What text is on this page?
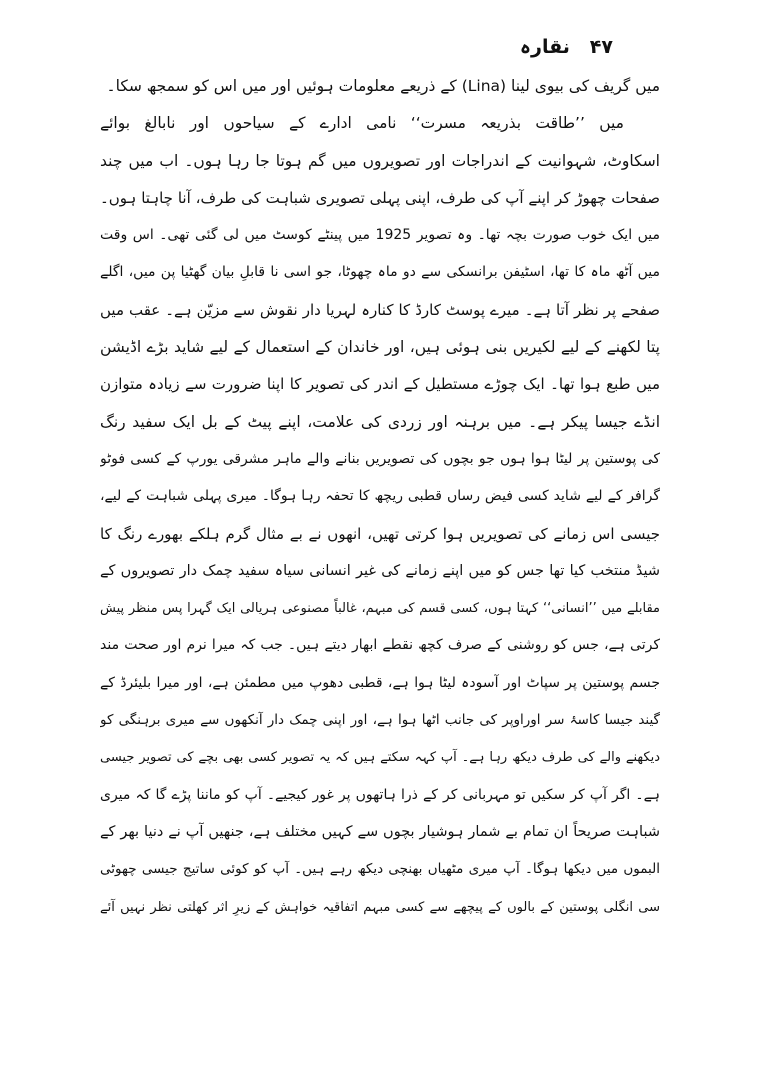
۴۷   نقارہ
میں گریف کی بیوی لینا (Lina) کے ذریعے معلومات ہوئیں اور میں اس کو سمجھ سکا۔
میں ’’طاقت بذریعہ مسرت‘‘ نامی ادارے کے سیاحوں اور نابالغ بوائے
اسکاوٹ، شہوانیت کے اندراجات اور تصویروں میں گم ہوتا جا رہا ہوں۔ اب میں چند
صفحات چھوڑ کر اپنے آپ کی طرف، اپنی پہلی تصویری شباہت کی طرف، آنا چاہتا ہوں۔
میں ایک خوب صورت بچہ تھا۔ وہ تصویر 1925 میں پینٹے کوسٹ میں لی گئی تھی۔ اس وقت
میں آٹھ ماہ کا تھا، اسٹیفن برانسکی سے دو ماہ چھوٹا، جو اسی نا قابلِ بیان گھٹیا پن میں، اگلے
صفحے پر نظر آتا ہے۔ میرے پوسٹ کارڈ کا کنارہ لہریا دار نقوش سے مزیّن ہے۔ عقب میں
پتا لکھنے کے لیے لکیریں بنی ہوئی ہیں، اور خاندان کے استعمال کے لیے شاید بڑے اڈیشن
میں طبع ہوا تھا۔ ایک چوڑے مستطیل کے اندر کی تصویر کا اپنا ضرورت سے زیادہ متوازن
انڈے جیسا پیکر ہے۔ میں برہنہ اور زردی کی علامت، اپنے پیٹ کے بل ایک سفید رنگ
کی پوستین پر لیٹا ہوا ہوں جو بچوں کی تصویریں بنانے والے ماہر مشرقی یورپ کے کسی فوٹو
گرافر کے لیے شاید کسی فیض رساں قطبی ریچھ کا تحفہ رہا ہوگا۔ میری پہلی شباہت کے لیے،
جیسی اس زمانے کی تصویریں ہوا کرتی تھیں، انھوں نے بے مثال گرم ہلکے بھورے رنگ کا
شیڈ منتخب کیا تھا جس کو میں اپنے زمانے کی غیر انسانی سیاہ سفید چمک دار تصویروں کے
مقابلے میں ’’انسانی‘‘ کہتا ہوں، کسی قسم کی مبہم، غالباً مصنوعی ہریالی ایک گہرا پس منظر پیش
کرتی ہے، جس کو روشنی کے صرف کچھ نقطے ابھار دیتے ہیں۔ جب کہ میرا نرم اور صحت مند
جسم پوستین پر سپاٹ اور آسودہ لیٹا ہوا ہے، قطبی دھوپ میں مطمئن ہے، اور میرا بلیئرڈ کے
گیند جیسا کاسۂ سر اوراوپر کی جانب اٹھا ہوا ہے، اور اپنی چمک دار آنکھوں سے میری برہنگی کو
دیکھنے والے کی طرف دیکھ رہا ہے۔ آپ کہہ سکتے ہیں کہ یہ تصویر کسی بھی بچے کی تصویر جیسی
ہے۔ اگر آپ کر سکیں تو مہربانی کر کے ذرا ہاتھوں پر غور کیجیے۔ آپ کو ماننا پڑے گا کہ میری
شباہت صریحاً ان تمام بے شمار ہوشیار بچوں سے کہیں مختلف ہے، جنھیں آپ نے دنیا بھر کے
البموں میں دیکھا ہوگا۔ آپ میری مٹھیاں بھنچی دیکھ رہے ہیں۔ آپ کو کوئی ساتیج جیسی چھوٹی
سی انگلی پوستین کے بالوں کے پیچھے سے کسی مبہم اتفاقیہ خواہش کے زیرِ اثر کھلتی نظر نہیں آئے
